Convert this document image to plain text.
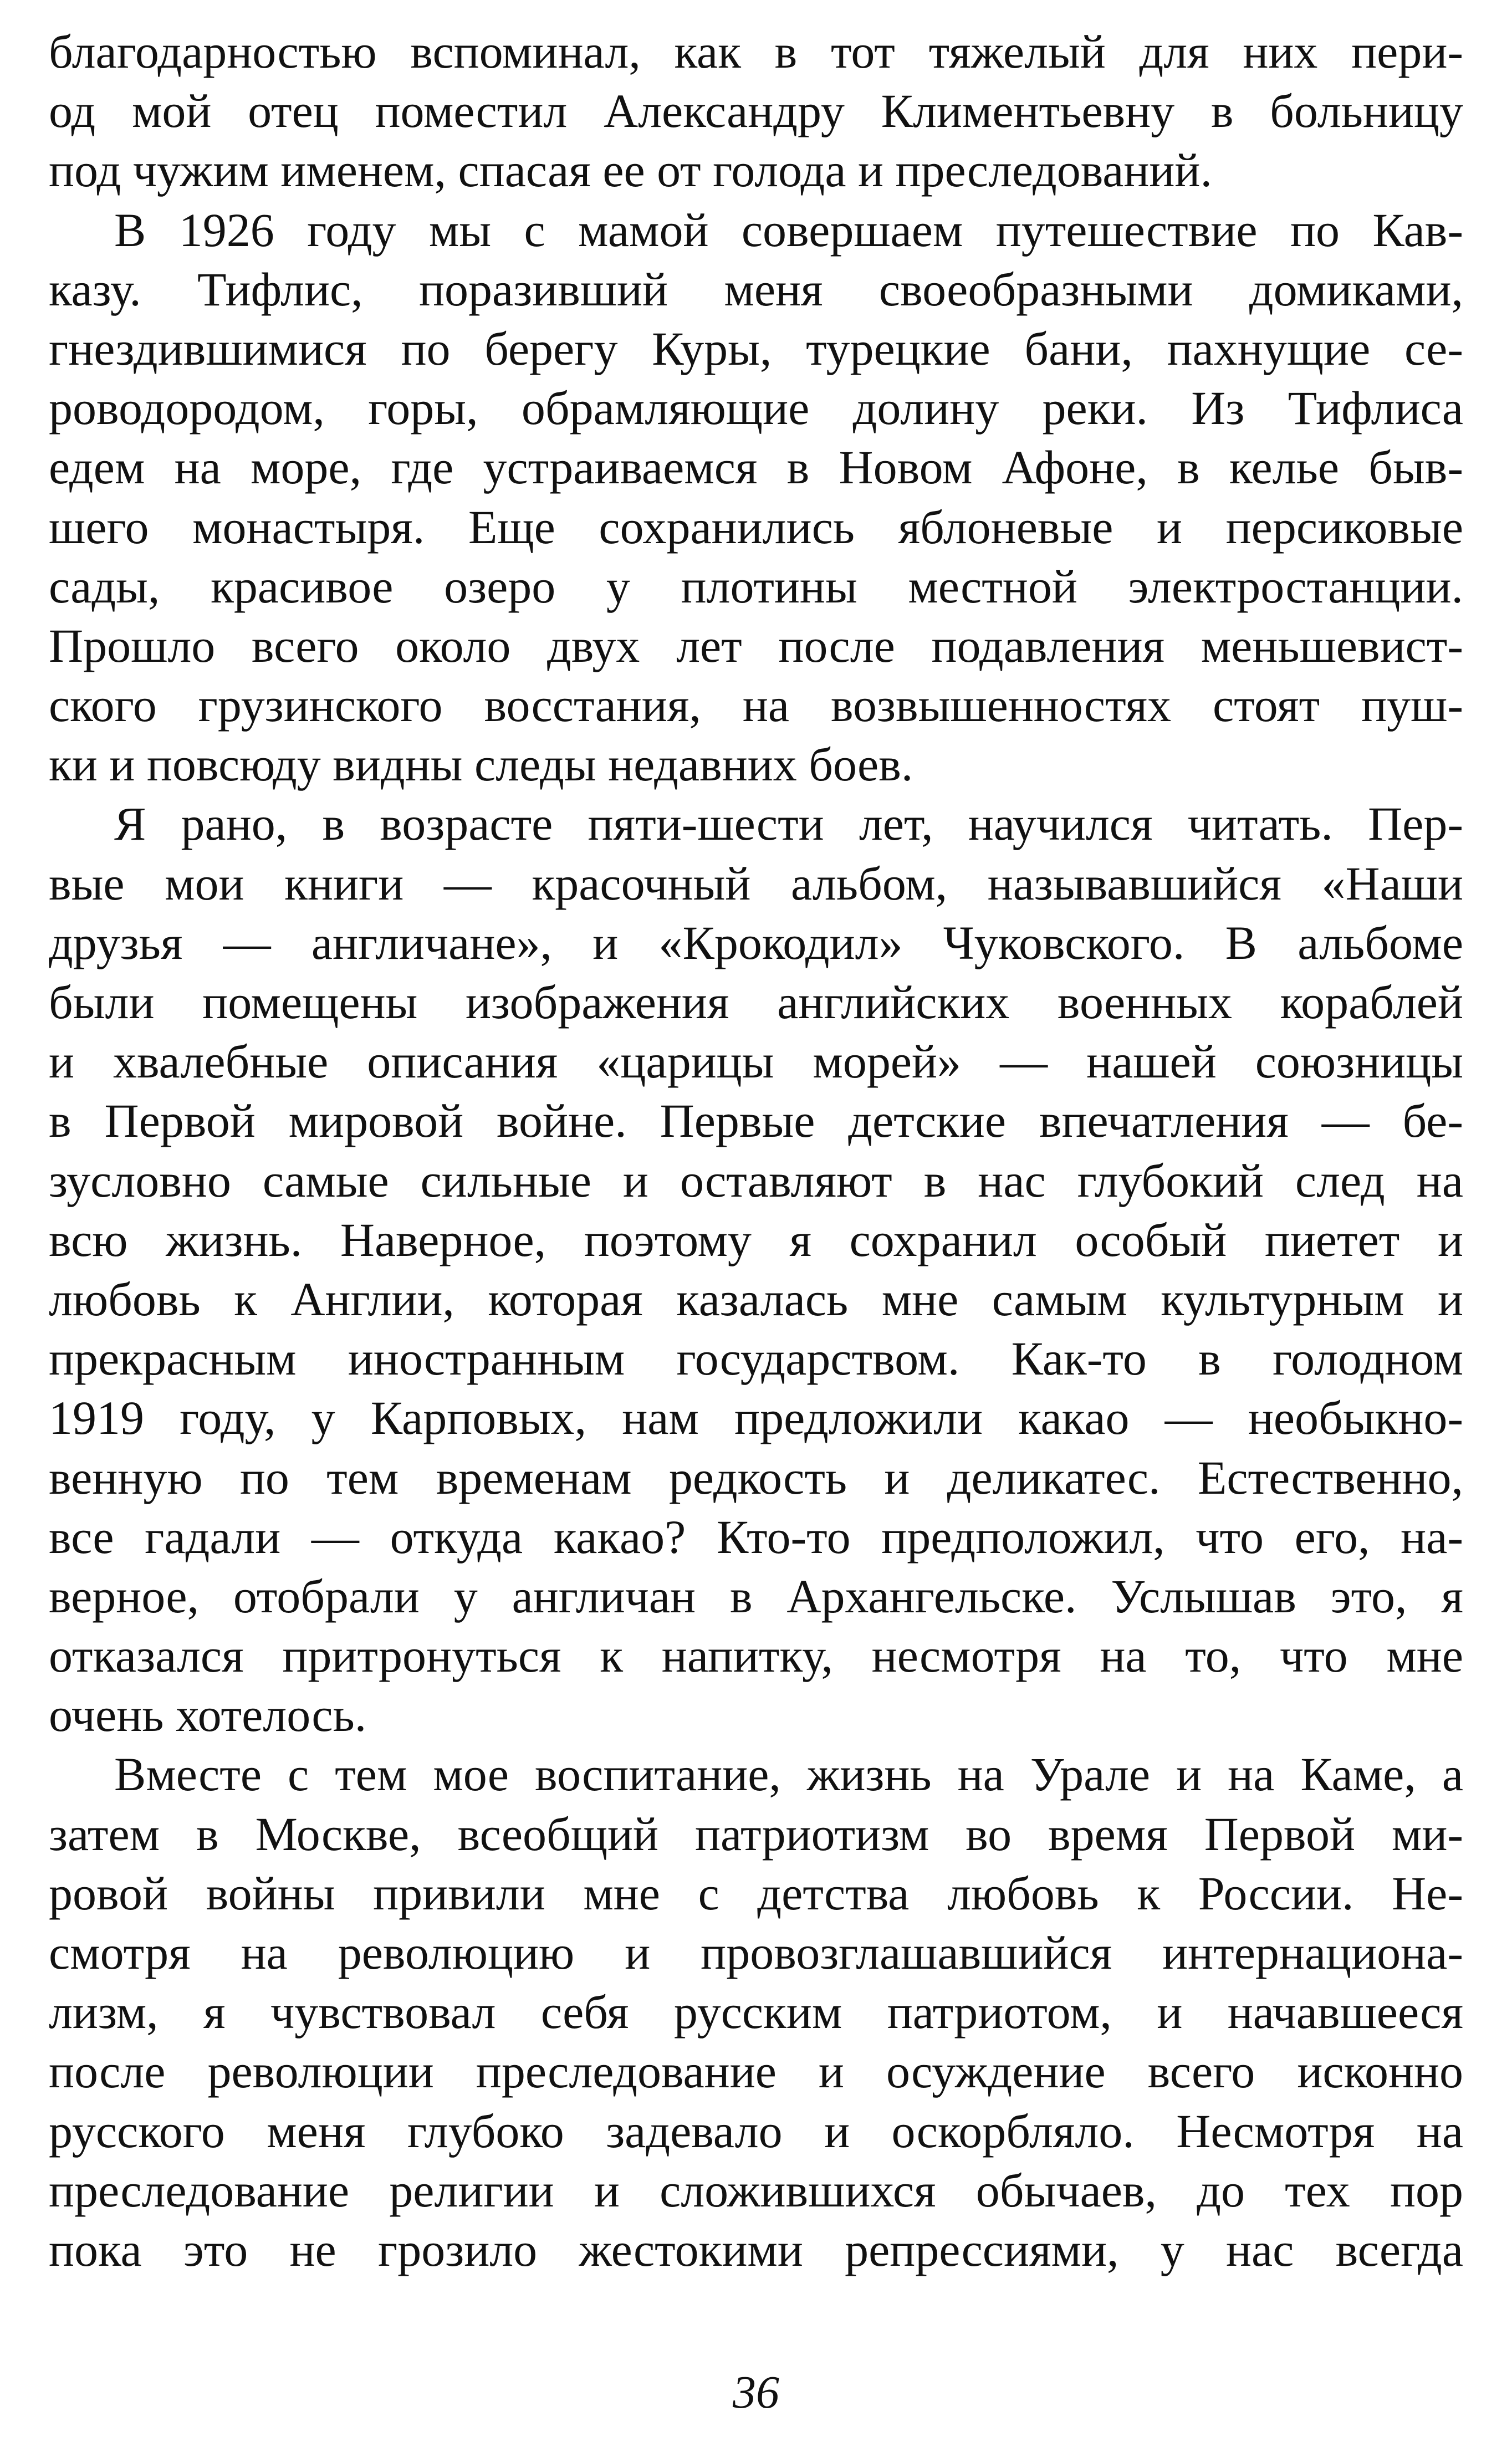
благодарностью вспоминал, как в тот тяжелый для них пери-
од мой отец поместил Александру Климентьевну в больницу
под чужим именем, спасая ее от голода и преследований.
В 1926 году мы с мамой совершаем путешествие по Кав-
казу. Тифлис, поразивший меня своеобразными домиками,
гнездившимися по берегу Куры, турецкие бани, пахнущие се-
роводородом, горы, обрамляющие долину реки. Из Тифлиса
едем на море, где устраиваемся в Новом Афоне, в келье быв-
шего монастыря. Еще сохранились яблоневые и персиковые
сады, красивое озеро у плотины местной электростанции.
Прошло всего около двух лет после подавления меньшевист-
ского грузинского восстания, на возвышенностях стоят пуш-
ки и повсюду видны следы недавних боев.
Я рано, в возрасте пяти-шести лет, научился читать. Пер-
вые мои книги — красочный альбом, называвшийся «Наши
друзья — англичане», и «Крокодил» Чуковского. В альбоме
были помещены изображения английских военных кораблей
и хвалебные описания «царицы морей» — нашей союзницы
в Первой мировой войне. Первые детские впечатления — бе-
зусловно самые сильные и оставляют в нас глубокий след на
всю жизнь. Наверное, поэтому я сохранил особый пиетет и
любовь к Англии, которая казалась мне самым культурным и
прекрасным иностранным государством. Как-то в голодном
1919 году, у Карповых, нам предложили какао — необыкно-
венную по тем временам редкость и деликатес. Естественно,
все гадали — откуда какао? Кто-то предположил, что его, на-
верное, отобрали у англичан в Архангельске. Услышав это, я
отказался притронуться к напитку, несмотря на то, что мне
очень хотелось.
Вместе с тем мое воспитание, жизнь на Урале и на Каме, а
затем в Москве, всеобщий патриотизм во время Первой ми-
ровой войны привили мне с детства любовь к России. Не-
смотря на революцию и провозглашавшийся интернациона-
лизм, я чувствовал себя русским патриотом, и начавшееся
после революции преследование и осуждение всего исконно
русского меня глубоко задевало и оскорбляло. Несмотря на
преследование религии и сложившихся обычаев, до тех пор
пока это не грозило жестокими репрессиями, у нас всегда
36
